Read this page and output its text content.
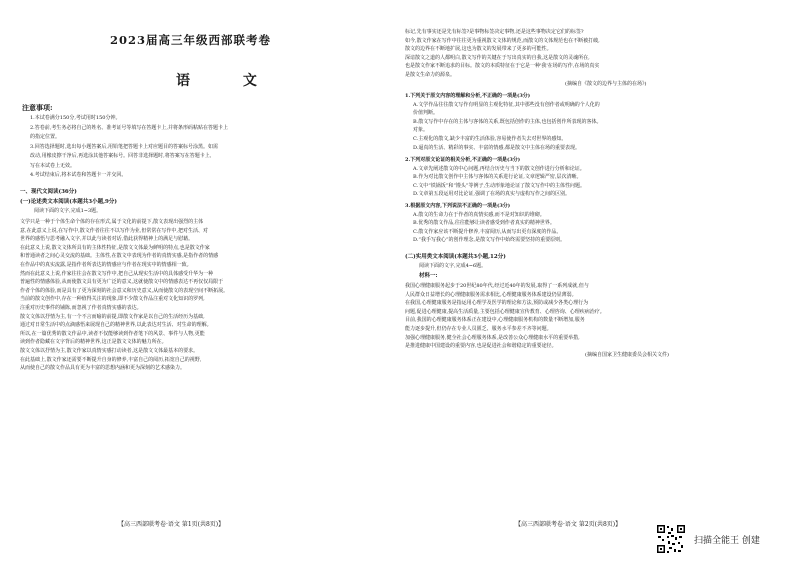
2023届高三年级西部联考卷
语 文
注意事项:
1.本试卷满分150分,考试用时150分钟。
2.答卷前,考生务必将自己的姓名、准考证号等填写在答题卡上,并将条形码粘贴在答题卡上
的指定位置。
3.回答选择题时,选出每小题答案后,用铅笔把答题卡上对应题目的答案标号涂黑。如需
改动,用橡皮擦干净后,再选涂其他答案标号。回答非选择题时,将答案写在答题卡上,
写在本试卷上无效。
4.考试结束后,将本试卷和答题卡一并交回。
一、现代文阅读(36分)
(一)论述类文本阅读(本题共3小题,9分)
阅读下面的文字,完成1~3题。
文学只是一种于个体生命个体的存在形式,属于文化的前提下,散文表现出强烈的主体
意,在此意义上说,在写作中,散文作者往往不以写作为业,但常常在写作中,把对生活、对
世界的感悟与思考融入文字,并以此与读者对话,借此获得精神上的满足与慰藉。
在此意义上说,散文文体所具有的主体性特征,是散文文体最为鲜明的特点,也是散文作家
和普通读者之间心灵交流的基础。主体性,在散文中表现为作者的真情实感,是指作者的情感
在作品中的真实流露,是指作者所表达的情感应与作者在现实中的情感相一致。
然而在此意义上说,作家往往会在散文写作中,把自己从现实生活中的具体感受升华为一种
普遍性的情感体验,从而使散文具有更为广泛的意义,这就使散文中的情感表达不再仅仅局限于
作者个体的体验,而是具有了更为深刻的社会意义和历史意义,从而使散文的表现空间不断拓展。
当前的散文创作中,存在一种值得关注的现象,即不少散文作品注重对文化知识的罗列,
注重对历史事件的铺陈,而忽视了作者真情实感的表达。
散文文体以抒情为主,有一个不言而喻的前提,即散文作家是以自己的生活经历为基础,
通过对日常生活中的点滴感悟来展现自己的精神世界,以此表达对生活、对生命的理解。
所以,在一篇优秀的散文作品中,读者不仅能够读到作者笔下的风景、事件与人物,更能
读到作者隐藏在文字背后的精神世界,这正是散文文体的魅力所在。
散文文体以抒情为主,散文作家以真情实感打动读者,这是散文文体最基本的要求。
在此基础上,散文作家还需要不断提升自身的修养,丰富自己的阅历,拓宽自己的视野,
从而使自己的散文作品具有更为丰富的思想内涵和更为深刻的艺术感染力。
【高三西部联考卷·语文 第1页(共8页)】
标记,先有事实还是先有标签?是事物标签决定事物,还是这些事物决定它们的标签?
如今,散文作家在写作中往往更为重视散文文体的规范,而散文的文体规范也在不断被打破,
散文的边界在不断地扩展,这也为散文的发展带来了更多的可能性。
深谙散文之道的人都明白,散文写作的关键在于写出真实的自我,这是散文的灵魂所在,
也是散文作家不断追求的目标。散文的本质特征在于它是一种'我'在场的写作,在场的真实
是散文生命力的源泉。
(摘编自《散文的边界与主体的在场》)
1.下列关于原文内容的理解和分析,不正确的一项是(3分)
A.文学作品往往散文写作有明显的主观化特征,其中那些没有创作者或明确的个人化的
价值判断。
B.散文写作中存在的主体与客体的关系,既包括创作的主体,也包括创作所表现的客体。
对象。
C.主观化的散文,缺少丰富的生活体验,容易使作者失去对世界的感知。
D.逼真的生活、精彩的事实、丰富的情感,都是散文中主体在场的重要表现。
2.下列对原文论证的相关分析,不正确的一项是(3分)
A.文章先阐述散文的中心问题,再结合历史与当下的散文创作进行分析和论证。
B.作为对比散文创作中主体与客体的关系进行论证,文章逻辑严密,层次清晰。
C.文中“铁锅饭”和“馒头”等例子,生动形象地论证了散文写作中的主体性问题。
D.文章第五段运用对比论证,强调了在场的真实与虚构写作之间的区别。
3.根据原文内容,下列说法不正确的一项是(3分)
A.散文的生命力在于作者的真情实感,而不是对知识的堆砌。
B.优秀的散文作品,往往能够让读者感受到作者真实的精神世界。
C.散文作家应该不断提升修养,丰富阅历,从而写出更有深度的作品。
D.“我手写我心”的创作理念,是散文写作中始终需要坚持的重要原则。
(二)实用类文本阅读(本题共3小题,12分)
阅读下面的文字,完成4~6题。
材料一:
我国心理健康服务起步于20世纪80年代,经过近40年的发展,取得了一系列成就,但与
人民群众日益增长的心理健康服务需求相比,心理健康服务体系建设仍显薄弱。
在我国,心理健康服务是指运用心理学及医学的理论和方法,预防或减少各类心理行为
问题,促进心理健康,提高生活质量,主要包括心理健康宣传教育、心理咨询、心理疾病治疗。
目前,我国的心理健康服务体系正在建设中,心理健康服务机构的数量不断增加,服务
能力逐步提升,但仍存在专业人员匮乏、服务水平参差不齐等问题。
加强心理健康服务,健全社会心理服务体系,是改善公众心理健康水平的重要举措,
是推进健康中国建设的重要内容,也是促进社会和谐稳定的重要途径。
(摘编自国家卫生健康委员会相关文件)
【高三西部联考卷·语文 第2页(共8页)】
扫描全能王 创建
